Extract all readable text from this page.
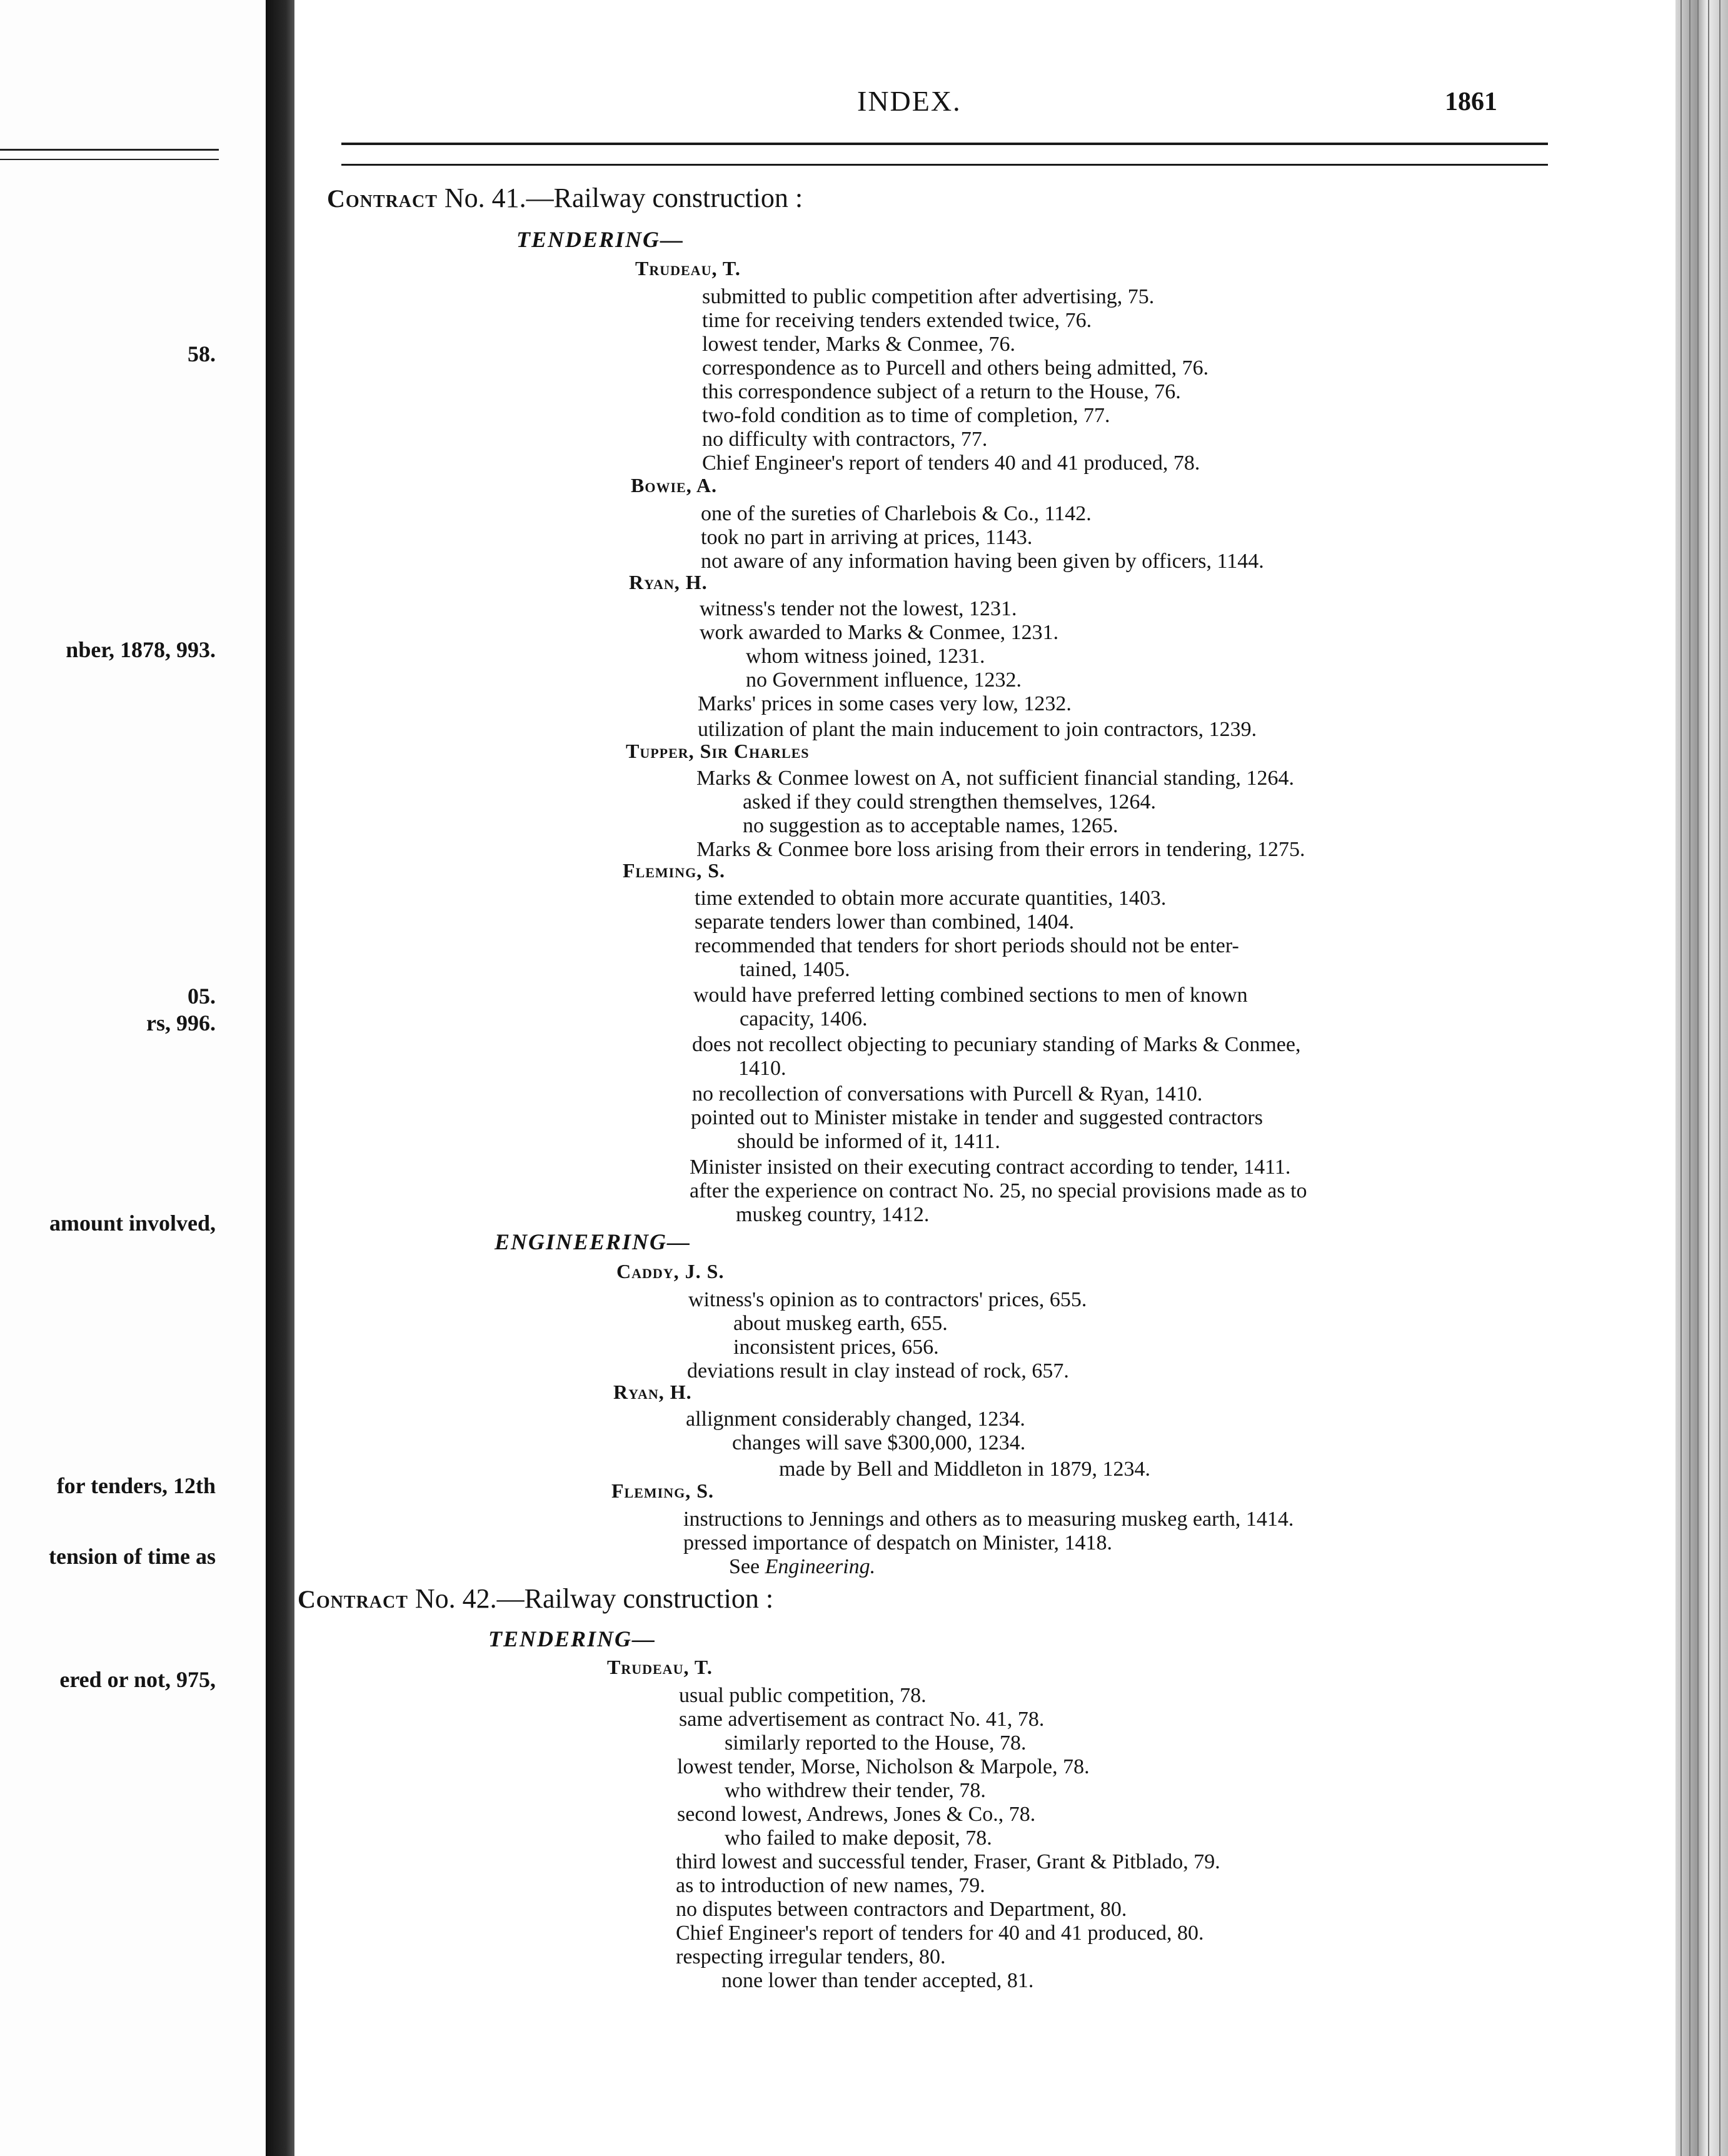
58.
nber, 1878, 993.
05.
rs, 996.
amount involved,
for tenders, 12th
tension of time as
ered or not, 975,
INDEX.	1861
Contract No. 41.—Railway construction :
TENDERING—
Trudeau, T.
submitted to public competition after advertising, 75.
time for receiving tenders extended twice, 76.
lowest tender, Marks & Conmee, 76.
correspondence as to Purcell and others being admitted, 76.
this correspondence subject of a return to the House, 76.
two-fold condition as to time of completion, 77.
no difficulty with contractors, 77.
Chief Engineer's report of tenders 40 and 41 produced, 78.
Bowie, A.
one of the sureties of Charlebois & Co., 1142.
took no part in arriving at prices, 1143.
not aware of any information having been given by officers, 1144.
Ryan, H.
witness's tender not the lowest, 1231.
work awarded to Marks & Conmee, 1231.
whom witness joined, 1231.
no Government influence, 1232.
Marks' prices in some cases very low, 1232.
utilization of plant the main inducement to join contractors, 1239.
Tupper, Sir Charles
Marks & Conmee lowest on A, not sufficient financial standing, 1264.
asked if they could strengthen themselves, 1264.
no suggestion as to acceptable names, 1265.
Marks & Conmee bore loss arising from their errors in tendering, 1275.
Fleming, S.
time extended to obtain more accurate quantities, 1403.
separate tenders lower than combined, 1404.
recommended that tenders for short periods should not be enter-
tained, 1405.
would have preferred letting combined sections to men of known
capacity, 1406.
does not recollect objecting to pecuniary standing of Marks & Conmee,
1410.
no recollection of conversations with Purcell & Ryan, 1410.
pointed out to Minister mistake in tender and suggested contractors
should be informed of it, 1411.
Minister insisted on their executing contract according to tender, 1411.
after the experience on contract No. 25, no special provisions made as to
muskeg country, 1412.
ENGINEERING—
Caddy, J. S.
witness's opinion as to contractors' prices, 655.
about muskeg earth, 655.
inconsistent prices, 656.
deviations result in clay instead of rock, 657.
Ryan, H.
allignment considerably changed, 1234.
changes will save $300,000, 1234.
made by Bell and Middleton in 1879, 1234.
Fleming, S.
instructions to Jennings and others as to measuring muskeg earth, 1414.
pressed importance of despatch on Minister, 1418.
See Engineering.
Contract No. 42.—Railway construction :
TENDERING—
Trudeau, T.
usual public competition, 78.
same advertisement as contract No. 41, 78.
similarly reported to the House, 78.
lowest tender, Morse, Nicholson & Marpole, 78.
who withdrew their tender, 78.
second lowest, Andrews, Jones & Co., 78.
who failed to make deposit, 78.
third lowest and successful tender, Fraser, Grant & Pitblado, 79.
as to introduction of new names, 79.
no disputes between contractors and Department, 80.
Chief Engineer's report of tenders for 40 and 41 produced, 80.
respecting irregular tenders, 80.
none lower than tender accepted, 81.
